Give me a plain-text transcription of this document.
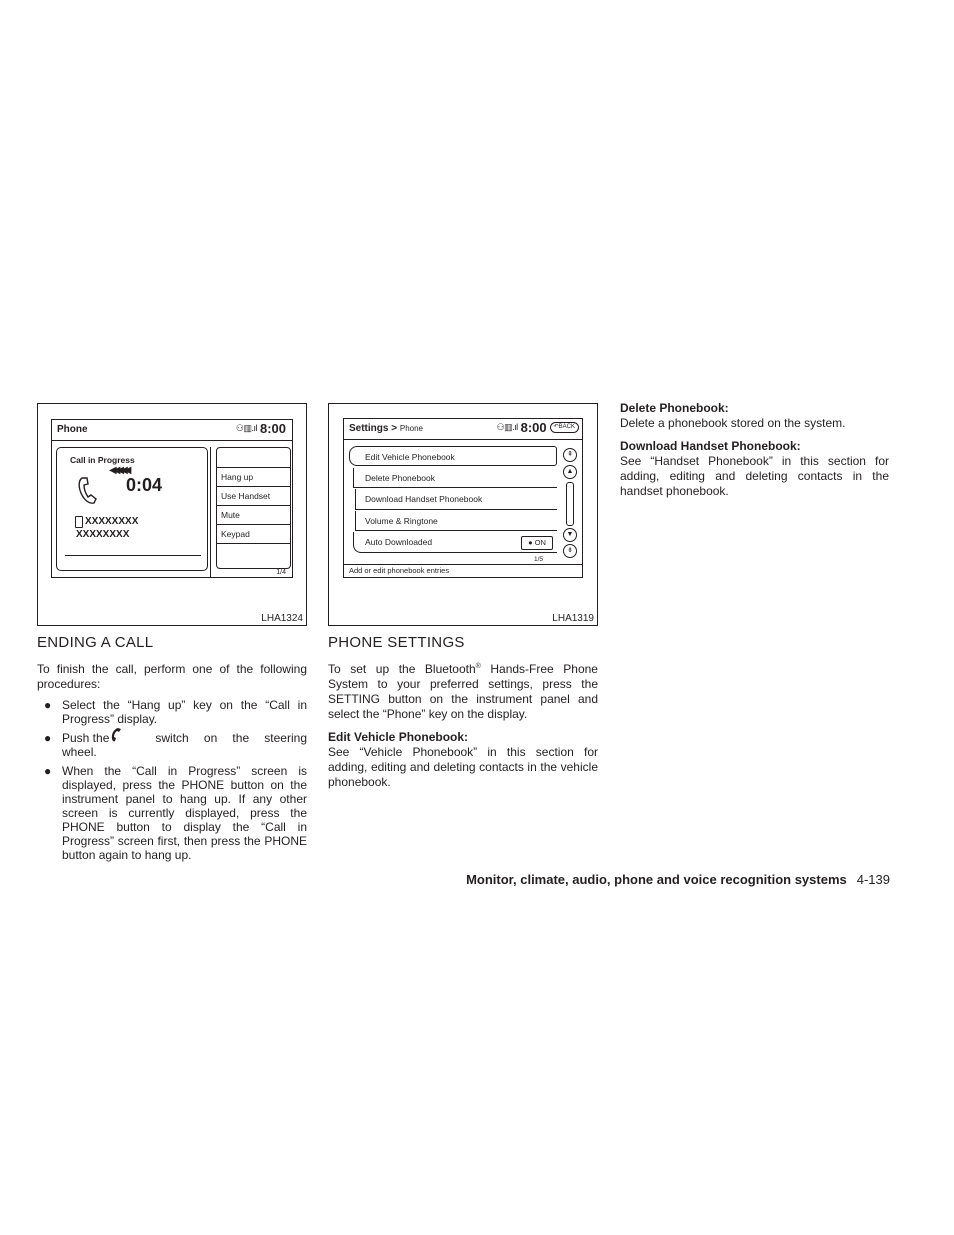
Phone	⚇▥.ıl 8:00
Call in Progress
◀◀◀◀◀
0:04
XXXXXXXX
XXXXXXXX
Hang up
Use Handset
Mute
Keypad
1/4
LHA1324
ENDING A CALL

To finish the call, perform one of the following procedures:

● Select the “Hang up” key on the “Call in Progress” display.
● Push the	switch  on  the  steering
wheel.
● When the “Call in Progress” screen is displayed, press the PHONE button on the instrument panel to hang up. If any other screen is currently displayed, press the PHONE button to display the “Call in Progress” screen first, then press the PHONE button again to hang up.
Settings > Phone	⚇▥.ıl 8:00	↶BACK
Edit Vehicle Phonebook
Delete Phonebook
Download Handset Phonebook
Volume & Ringtone
Auto Downloaded	● ON
1/5
⇞
▲
▼
⇟
Add or edit phonebook entries
LHA1319
PHONE SETTINGS

To set up the Bluetooth® Hands-Free Phone System to your preferred settings, press the SETTING button on the instrument panel and select the “Phone” key on the display.

Edit Vehicle Phonebook:

See “Vehicle Phonebook” in this section for adding, editing and deleting contacts in the vehicle phonebook.

Delete Phonebook:

Delete a phonebook stored on the system.

Download Handset Phonebook:

See “Handset Phonebook” in this section for adding, editing and deleting contacts in the handset phonebook.

Monitor, climate, audio, phone and voice recognition systems 4-139
